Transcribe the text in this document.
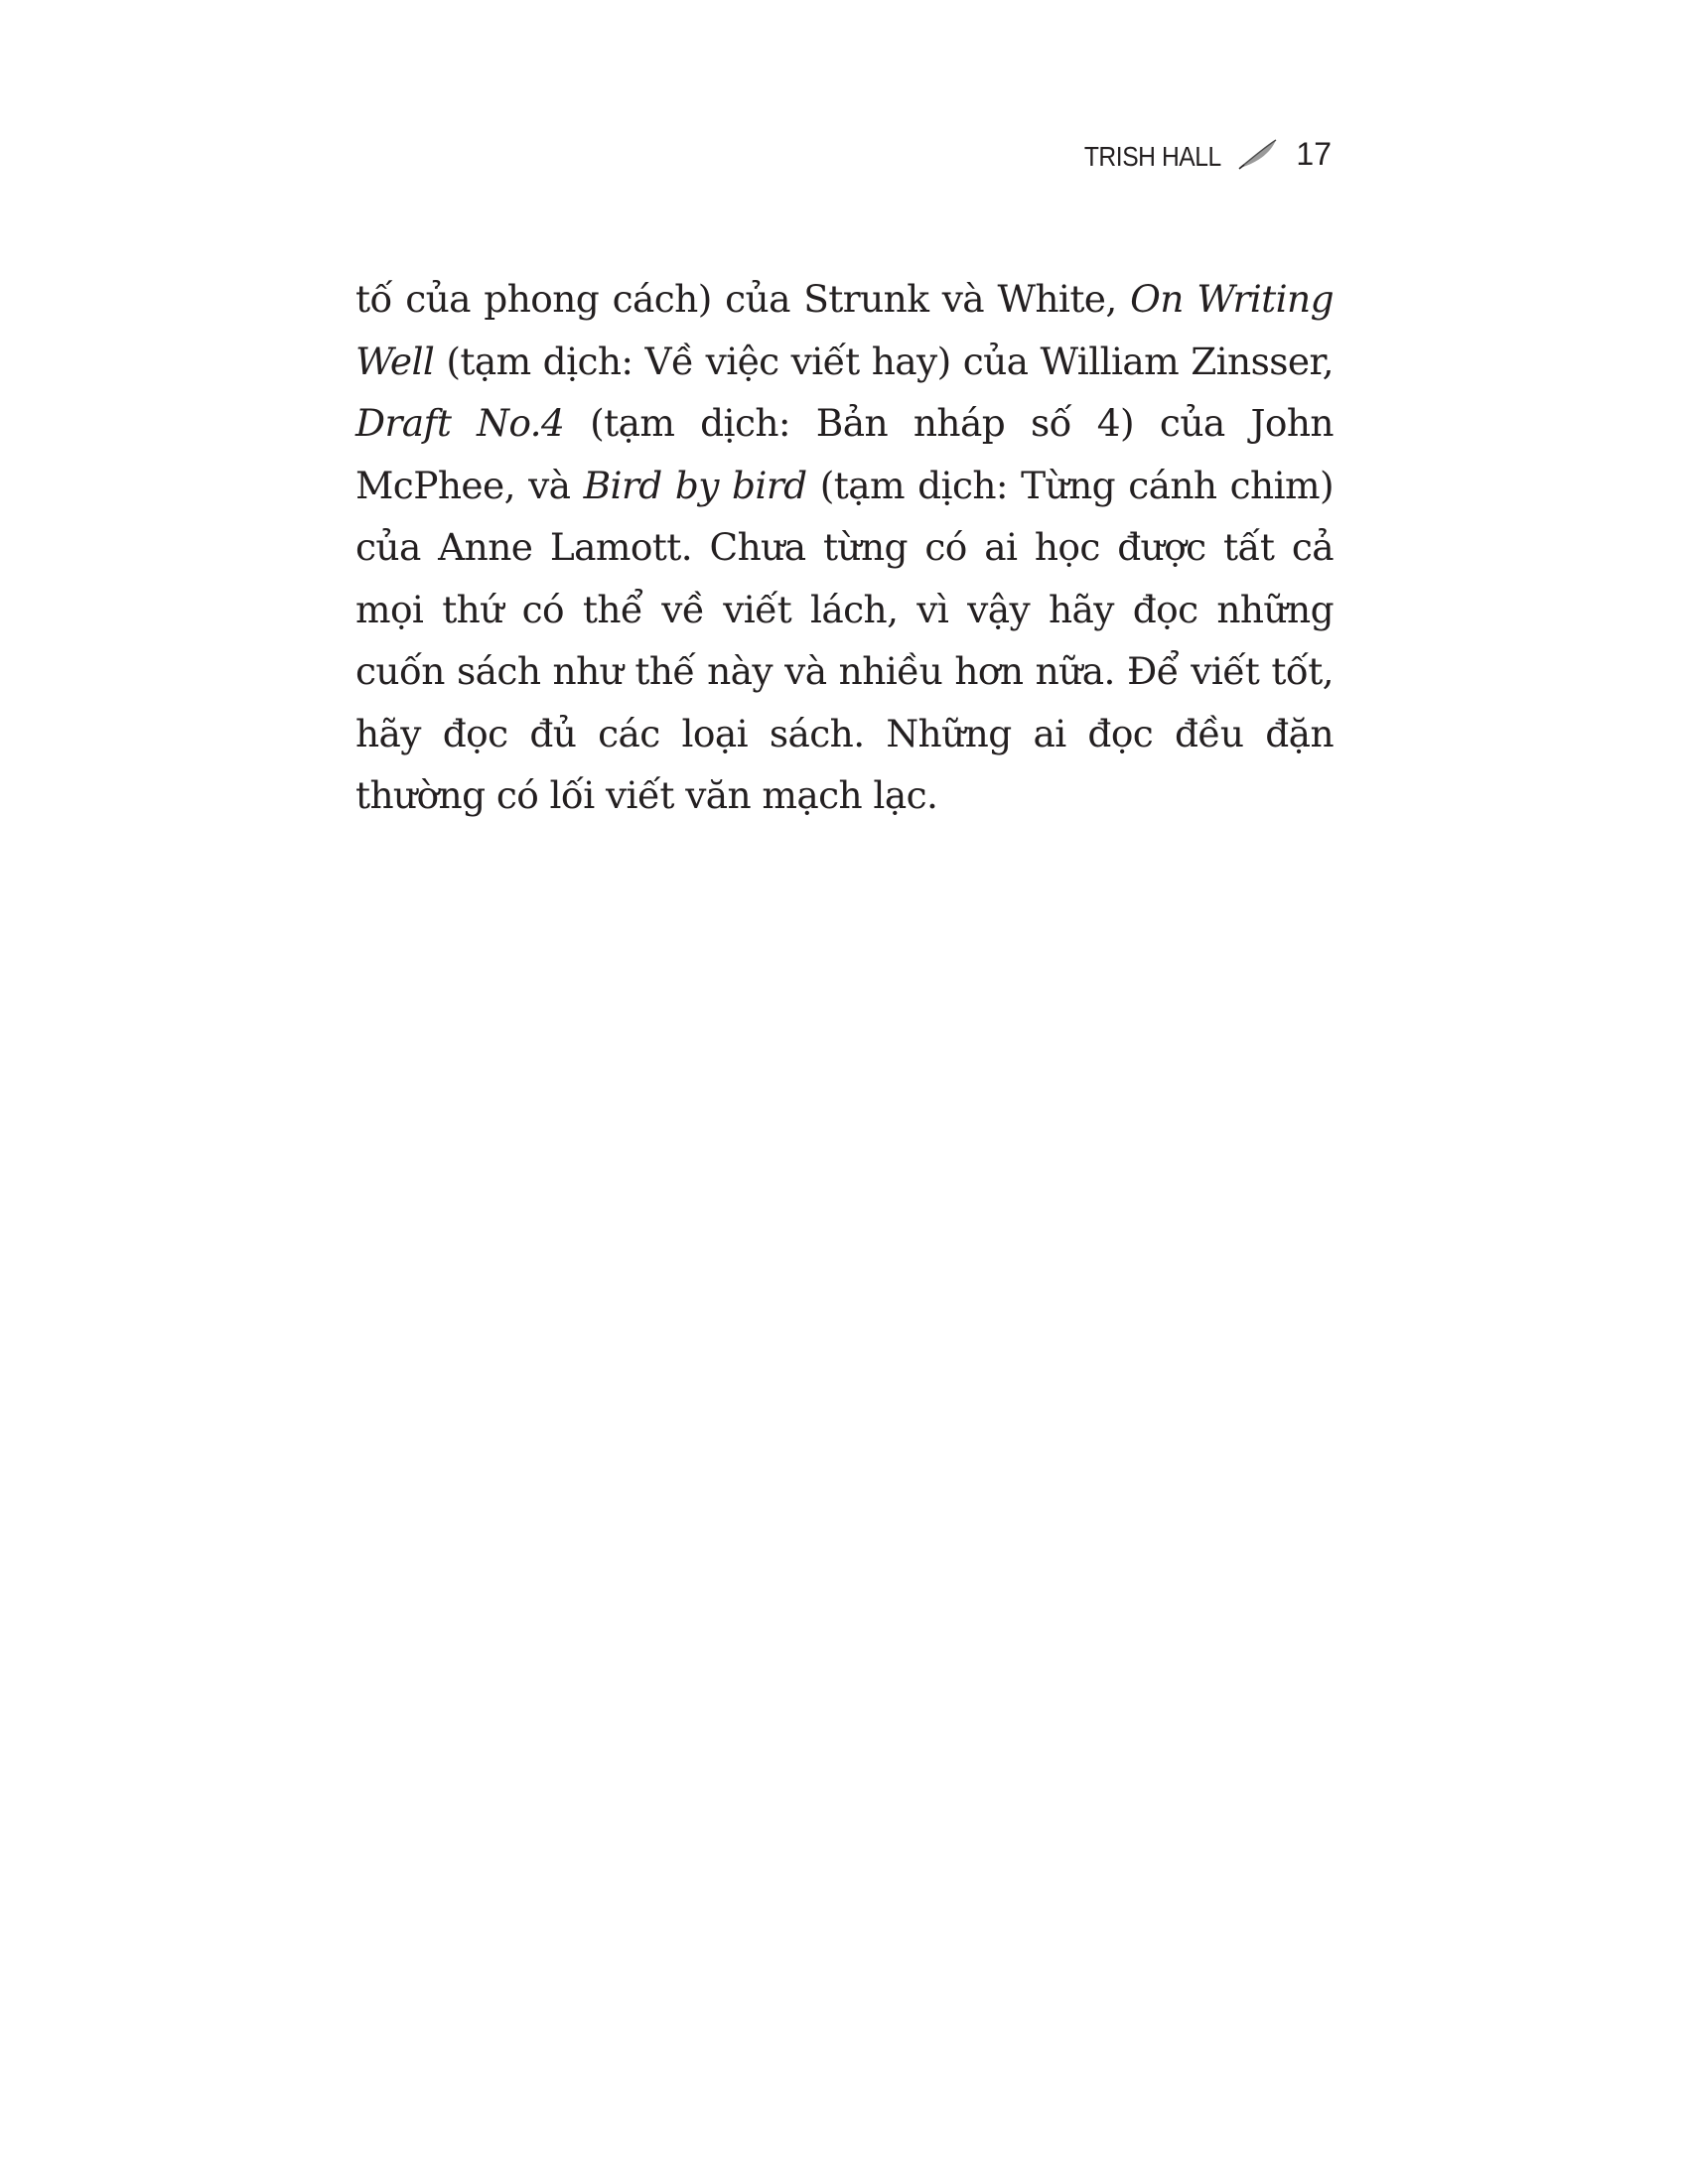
TRISH HALL 17

tố của phong cách) của Strunk và White, On Writing Well (tạm dịch: Về việc viết hay) của William Zinsser, Draft No.4 (tạm dịch: Bản nháp số 4) của John McPhee, và Bird by bird (tạm dịch: Từng cánh chim) của Anne Lamott. Chưa từng có ai học được tất cả mọi thứ có thể về viết lách, vì vậy hãy đọc những cuốn sách như thế này và nhiều hơn nữa. Để viết tốt, hãy đọc đủ các loại sách. Những ai đọc đều đặn thường có lối viết văn mạch lạc.
